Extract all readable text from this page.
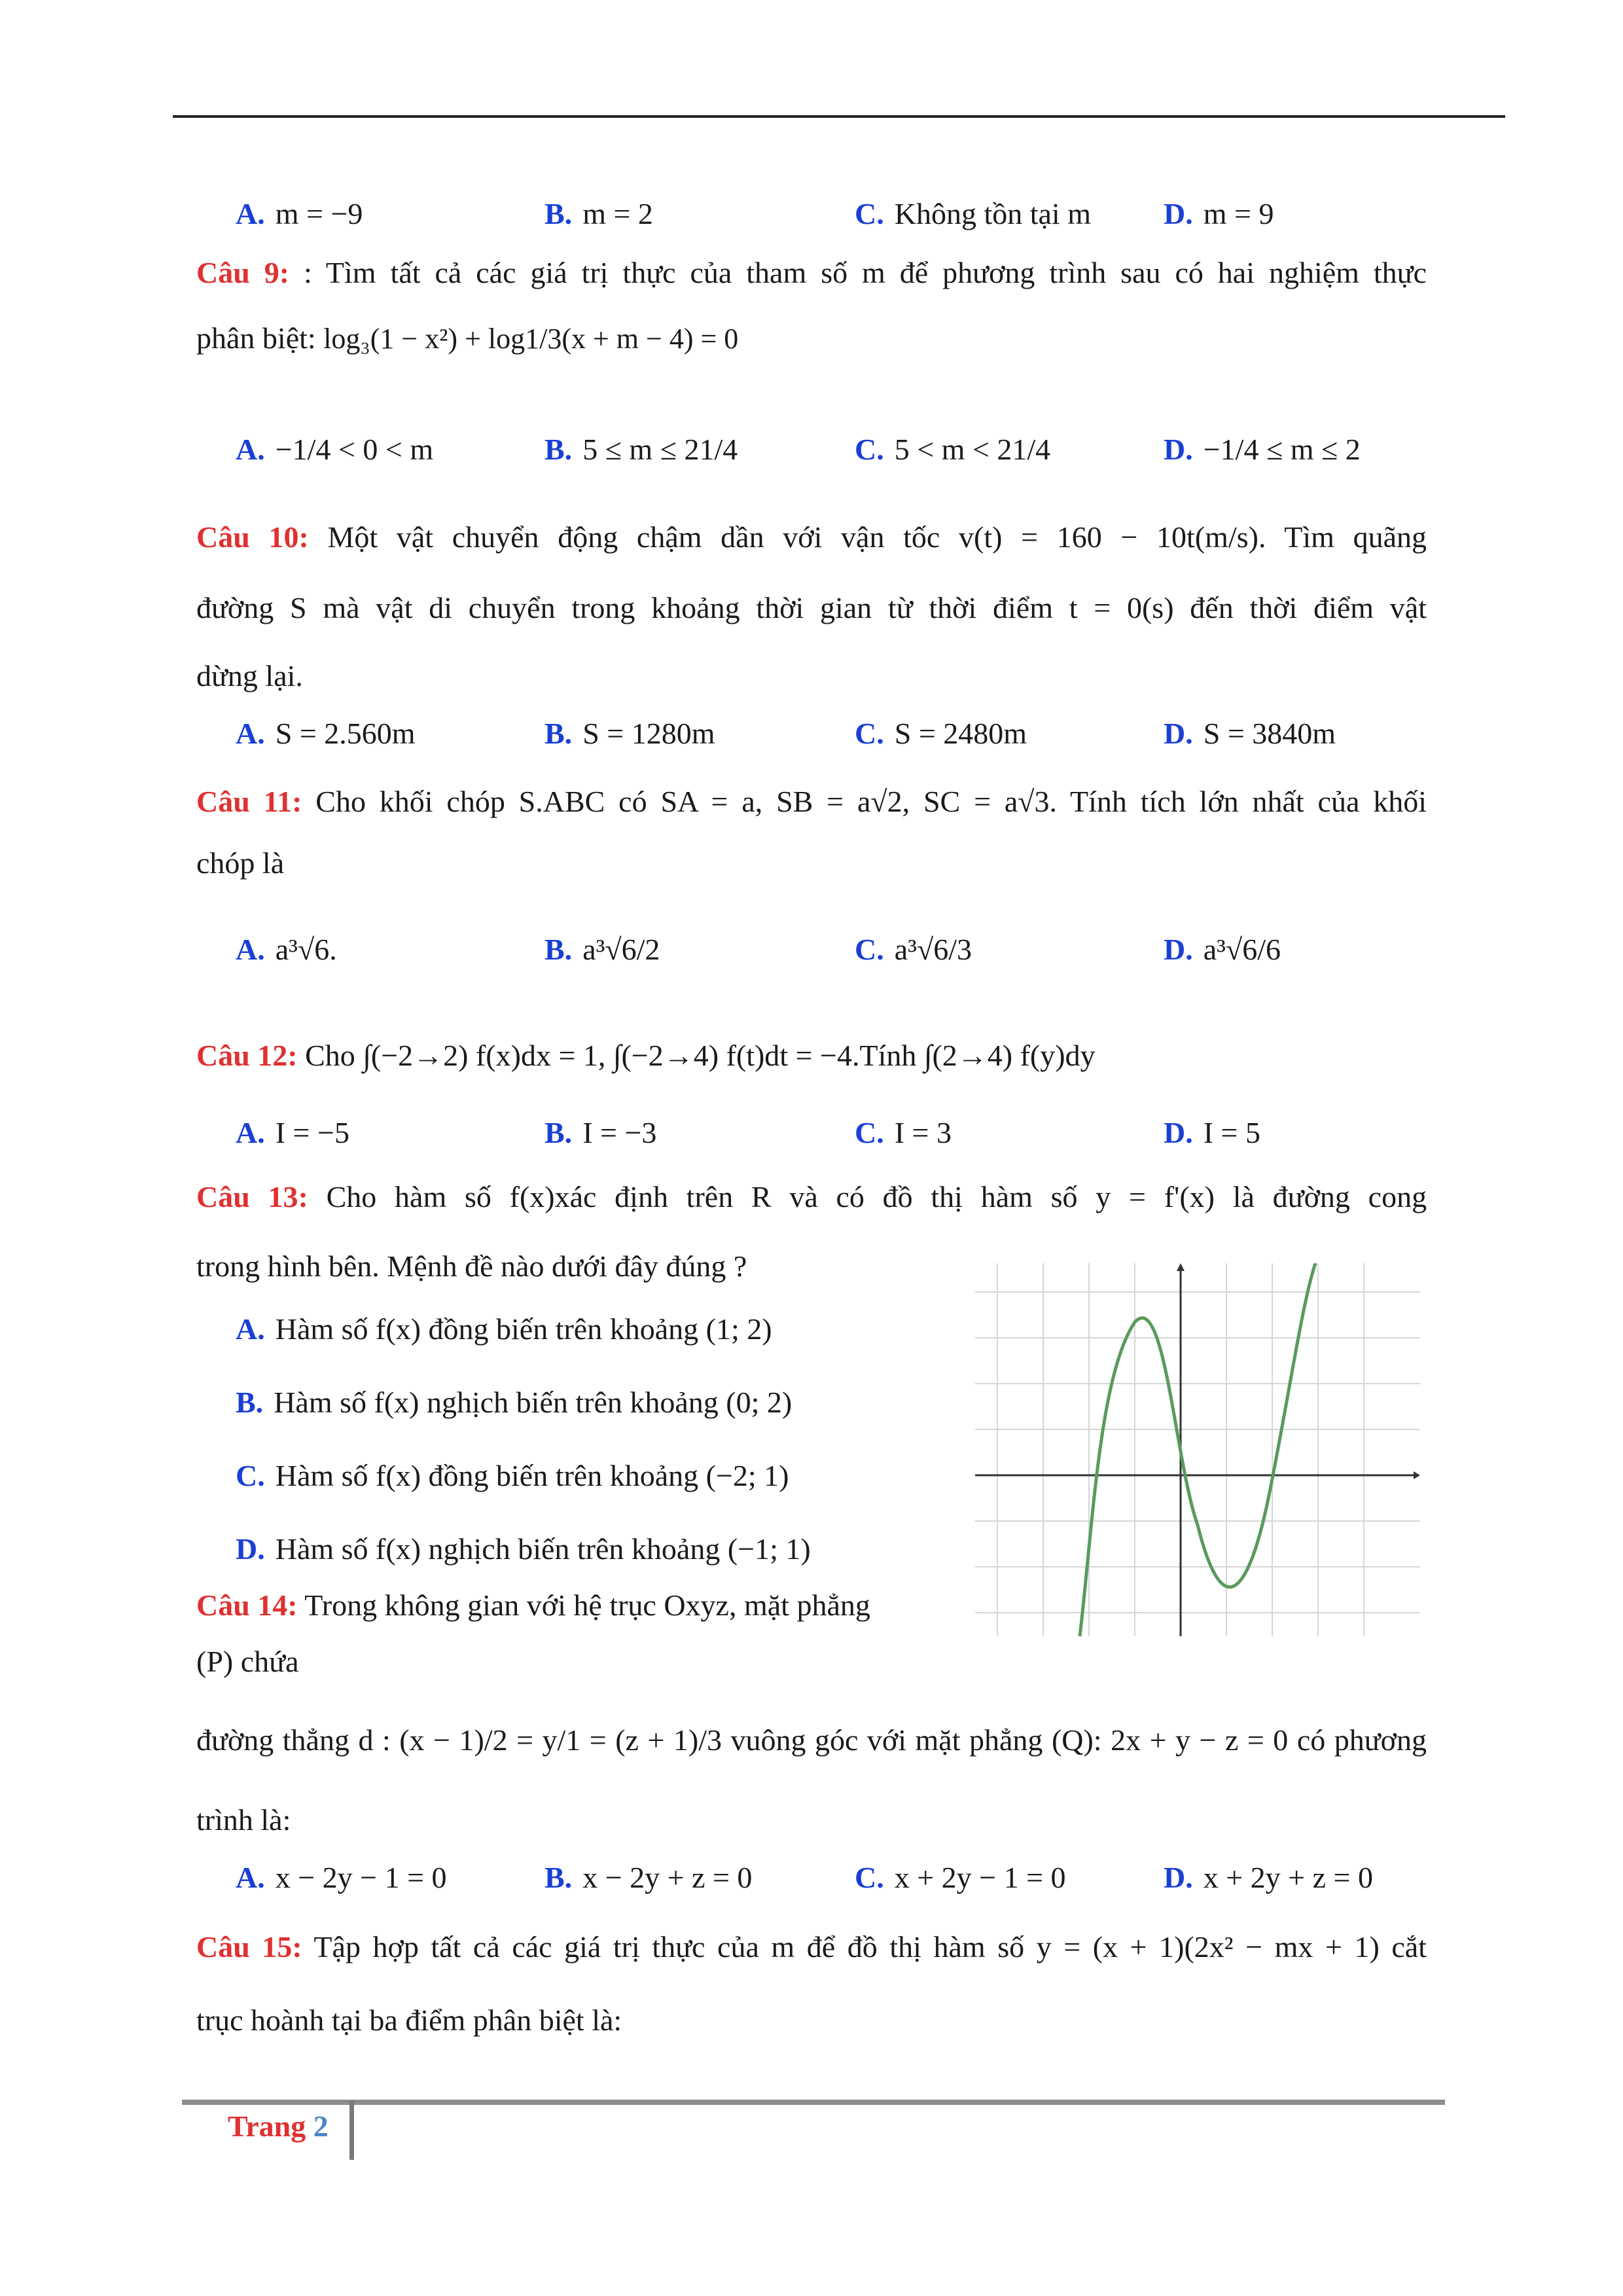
A. m = −9	B. m = 2	C. Không tồn tại m D. m = 9
Câu 9: : Tìm tất cả các giá trị thực của tham số m để phương trình sau có hai nghiệm thực
phân biệt: log₃(1 − x²) + log1/3(x + m − 4) = 0
A. −1/4 < 0 < m	B. 5 ≤ m ≤ 21/4	C. 5 < m < 21/4	D. −1/4 ≤ m ≤ 2
Câu 10: Một vật chuyển động chậm dần với vận tốc v(t) = 160 − 10t(m/s). Tìm quãng
đường S mà vật di chuyển trong khoảng thời gian từ thời điểm t = 0(s) đến thời điểm vật
dừng lại.
A. S = 2.560m	B. S = 1280m	C. S = 2480m	D. S = 3840m
Câu 11: Cho khối chóp S.ABC có SA = a, SB = a√2, SC = a√3. Tính tích lớn nhất của khối
chóp là
A. a³√6.	B. a³√6/2	C. a³√6/3	D. a³√6/6
Câu 12: Cho ∫(−2→2) f(x)dx = 1, ∫(−2→4) f(t)dt = −4.Tính ∫(2→4) f(y)dy
A. I = −5	B. I = −3	C. I = 3	D. I = 5
Câu 13: Cho hàm số f(x)xác định trên R và có đồ thị hàm số y = f'(x) là đường cong
trong hình bên. Mệnh đề nào dưới đây đúng ?
A. Hàm số f(x) đồng biến trên khoảng (1; 2)
B. Hàm số f(x) nghịch biến trên khoảng (0; 2)
C. Hàm số f(x) đồng biến trên khoảng (−2; 1)
D. Hàm số f(x) nghịch biến trên khoảng (−1; 1)
Câu 14: Trong không gian với hệ trục Oxyz, mặt phẳng
(P) chứa
đường thẳng d : (x − 1)/2 = y/1 = (z + 1)/3 vuông góc với mặt phẳng (Q): 2x + y − z = 0 có phương
trình là:
A. x − 2y − 1 = 0	B. x − 2y + z = 0	C. x + 2y − 1 = 0	D. x + 2y + z = 0
Câu 15: Tập hợp tất cả các giá trị thực của m để đồ thị hàm số y = (x + 1)(2x² − mx + 1) cắt
trục hoành tại ba điểm phân biệt là:
Trang 2
